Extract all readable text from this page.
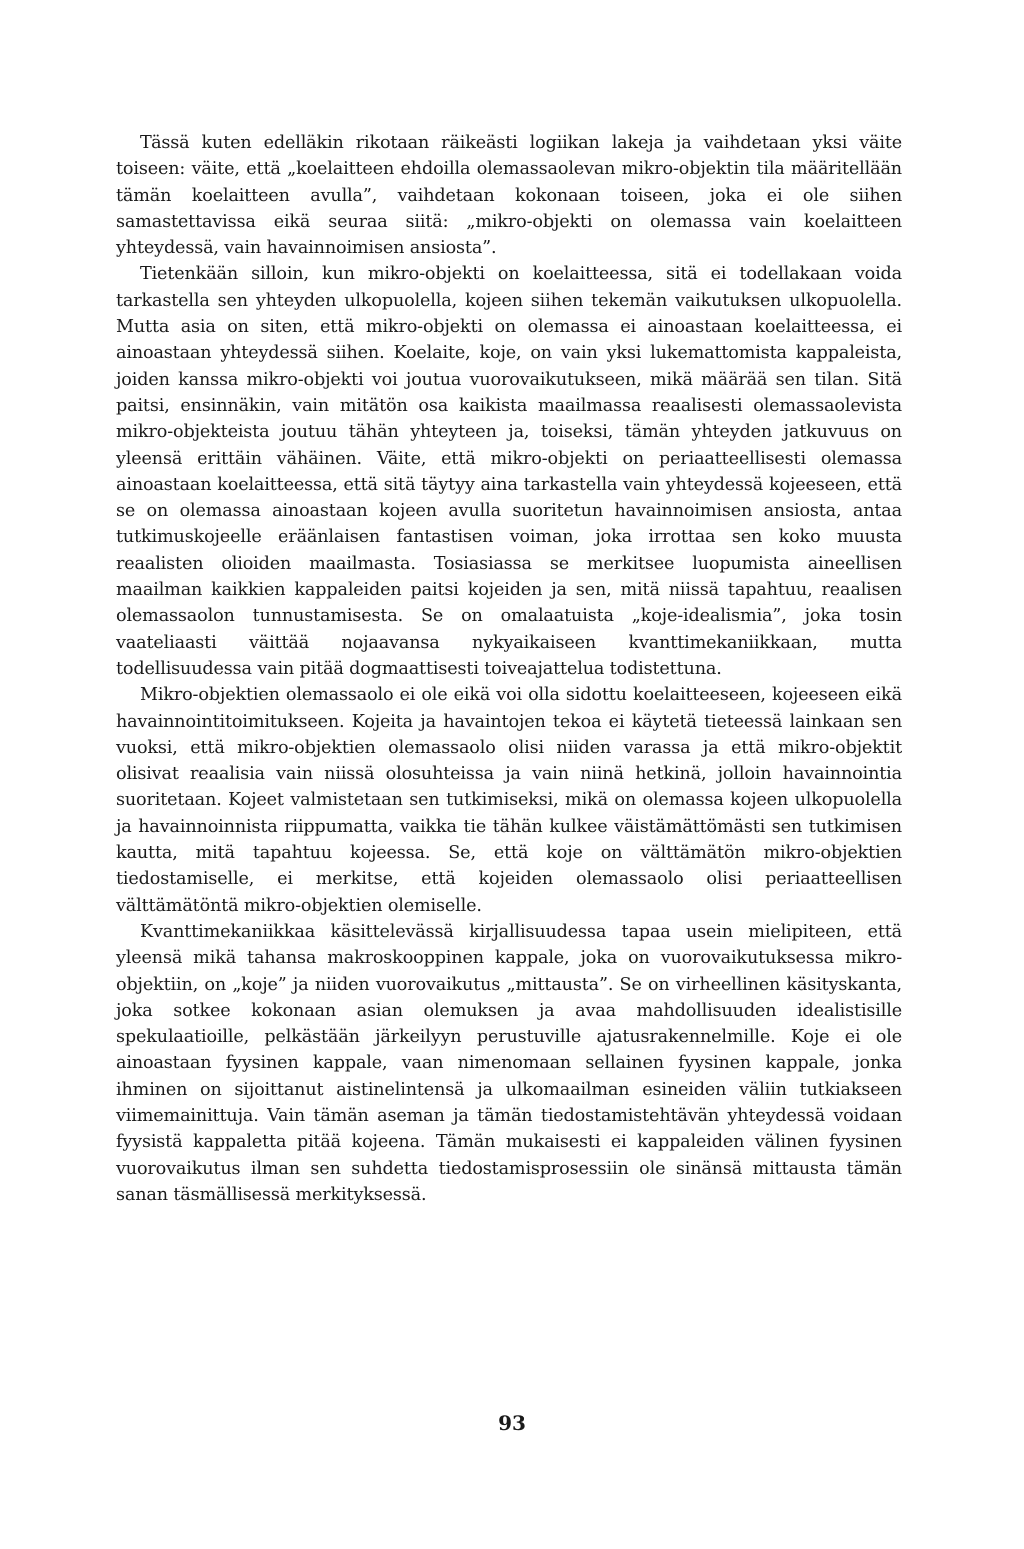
Tässä kuten edelläkin rikotaan räikeästi logiikan lakeja ja vaihdetaan yksi väite toiseen: väite, että „koelaitteen ehdoilla olemassaolevan mikro-objektin tila määritellään tämän koelaitteen avulla”, vaihdetaan kokonaan toiseen, joka ei ole siihen samastettavissa eikä seuraa siitä: „mikro-objekti on olemassa vain koelaitteen yhteydessä, vain havainnoimisen ansiosta”.

Tietenkään silloin, kun mikro-objekti on koelaitteessa, sitä ei todellakaan voida tarkastella sen yhteyden ulkopuolella, kojeen siihen tekemän vaikutuksen ulkopuolella. Mutta asia on siten, että mikro-objekti on olemassa ei ainoastaan koelaitteessa, ei ainoastaan yhteydessä siihen. Koelaite, koje, on vain yksi lukemattomista kappaleista, joiden kanssa mikro-objekti voi joutua vuorovaikutukseen, mikä määrää sen tilan. Sitä paitsi, ensinnäkin, vain mitätön osa kaikista maailmassa reaalisesti olemassaolevista mikro-objekteista joutuu tähän yhteyteen ja, toiseksi, tämän yhteyden jatkuvuus on yleensä erittäin vähäinen. Väite, että mikro-objekti on periaatteellisesti olemassa ainoastaan koelaitteessa, että sitä täytyy aina tarkastella vain yhteydessä kojeeseen, että se on olemassa ainoastaan kojeen avulla suoritetun havainnoimisen ansiosta, antaa tutkimuskojeelle eräänlaisen fantastisen voiman, joka irrottaa sen koko muusta reaalisten olioiden maailmasta. Tosiasiassa se merkitsee luopumista aineellisen maailman kaikkien kappaleiden paitsi kojeiden ja sen, mitä niissä tapahtuu, reaalisen olemassaolon tunnustamisesta. Se on omalaatuista „koje-idealismia”, joka tosin vaateliaasti väittää nojaavansa nykyaikaiseen kvanttimekaniikkaan, mutta todellisuudessa vain pitää dogmaattisesti toiveajattelua todistettuna.

Mikro-objektien olemassaolo ei ole eikä voi olla sidottu koelaitteeseen, kojeeseen eikä havainnointitoimitukseen. Kojeita ja havaintojen tekoa ei käytetä tieteessä lainkaan sen vuoksi, että mikro-objektien olemassaolo olisi niiden varassa ja että mikro-objektit olisivat reaalisia vain niissä olosuhteissa ja vain niinä hetkinä, jolloin havainnointia suoritetaan. Kojeet valmistetaan sen tutkimiseksi, mikä on olemassa kojeen ulkopuolella ja havainnoinnista riippumatta, vaikka tie tähän kulkee väistämättömästi sen tutkimisen kautta, mitä tapahtuu kojeessa. Se, että koje on välttämätön mikro-objektien tiedostamiselle, ei merkitse, että kojeiden olemassaolo olisi periaatteellisen välttämätöntä mikro-objektien olemiselle.

Kvanttimekaniikkaa käsittelevässä kirjallisuudessa tapaa usein mielipiteen, että yleensä mikä tahansa makroskooppinen kappale, joka on vuorovaikutuksessa mikro-objektiin, on „koje” ja niiden vuorovaikutus „mittausta”. Se on virheellinen käsityskanta, joka sotkee kokonaan asian olemuksen ja avaa mahdollisuuden idealistisille spekulaatioille, pelkästään järkeilyyn perustuville ajatusrakennelmille. Koje ei ole ainoastaan fyysinen kappale, vaan nimenomaan sellainen fyysinen kappale, jonka ihminen on sijoittanut aistinelintensä ja ulkomaailman esineiden väliin tutkiakseen viimemainittuja. Vain tämän aseman ja tämän tiedostamistehtävän yhteydessä voidaan fyysistä kappaletta pitää kojeena. Tämän mukaisesti ei kappaleiden välinen fyysinen vuorovaikutus ilman sen suhdetta tiedostamisprosessiin ole sinänsä mittausta tämän sanan täsmällisessä merkityksessä.

93
